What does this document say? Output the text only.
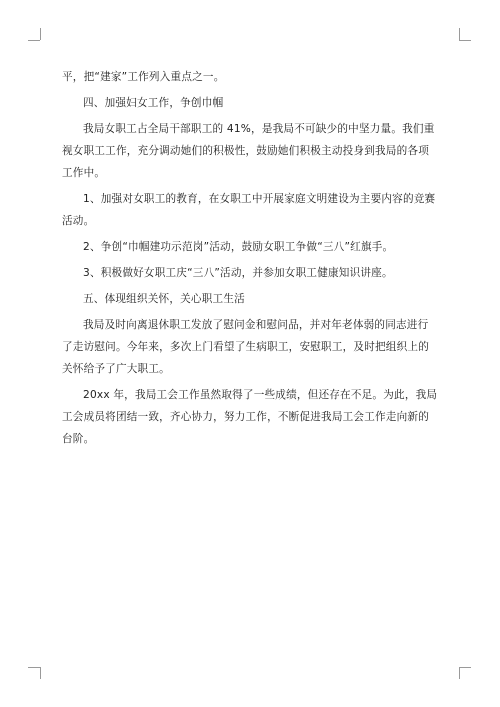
平，把“建家”工作列入重点之一。

四、加强妇女工作，争创巾帼

我局女职工占全局干部职工的 41%，是我局不可缺少的中坚力量。我们重视女职工工作，充分调动她们的积极性，鼓励她们积极主动投身到我局的各项工作中。

1、加强对女职工的教育，在女职工中开展家庭文明建设为主要内容的竞赛活动。

2、争创“巾帼建功示范岗”活动，鼓励女职工争做“三八”红旗手。

3、积极做好女职工庆“三八”活动，并参加女职工健康知识讲座。

五、体现组织关怀，关心职工生活

我局及时向离退休职工发放了慰问金和慰问品，并对年老体弱的同志进行了走访慰问。今年来，多次上门看望了生病职工，安慰职工，及时把组织上的关怀给予了广大职工。

20xx 年，我局工会工作虽然取得了一些成绩，但还存在不足。为此，我局工会成员将团结一致，齐心协力，努力工作，不断促进我局工会工作走向新的台阶。
